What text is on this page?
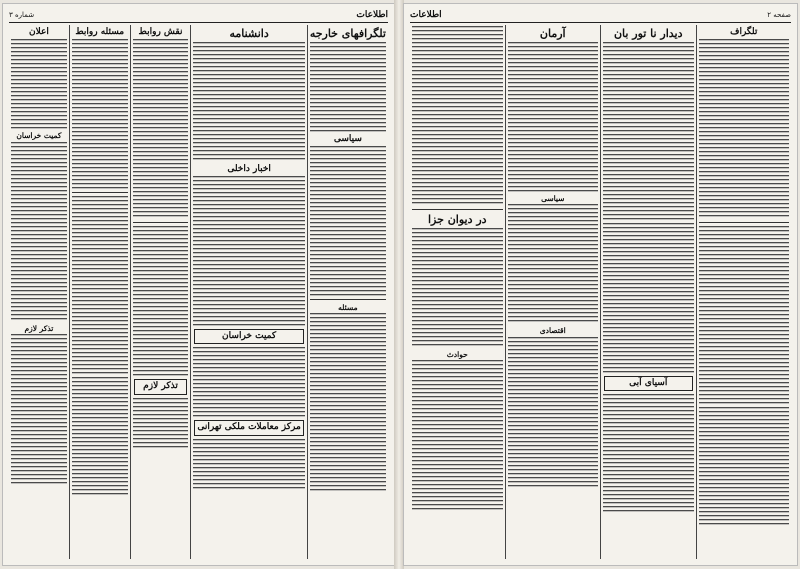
اطلاعات
شماره ۳
تلگرافهای خارجه
سیاسی
مسئله
دانشنامه
اخبار داخلی
کمیت خراسان
مرکز معاملات ملکی تهرانی
نقش روابط
تذکر لازم
مسئله روابط
اعلان
کمیت خراسان
تذکر لازم
صفحه ۲
اطلاعات
تلگراف
دیدار نا تور بان
آسیای آبی
آرمان
سیاسی
اقتصادی
در دیوان جزا
حوادث
